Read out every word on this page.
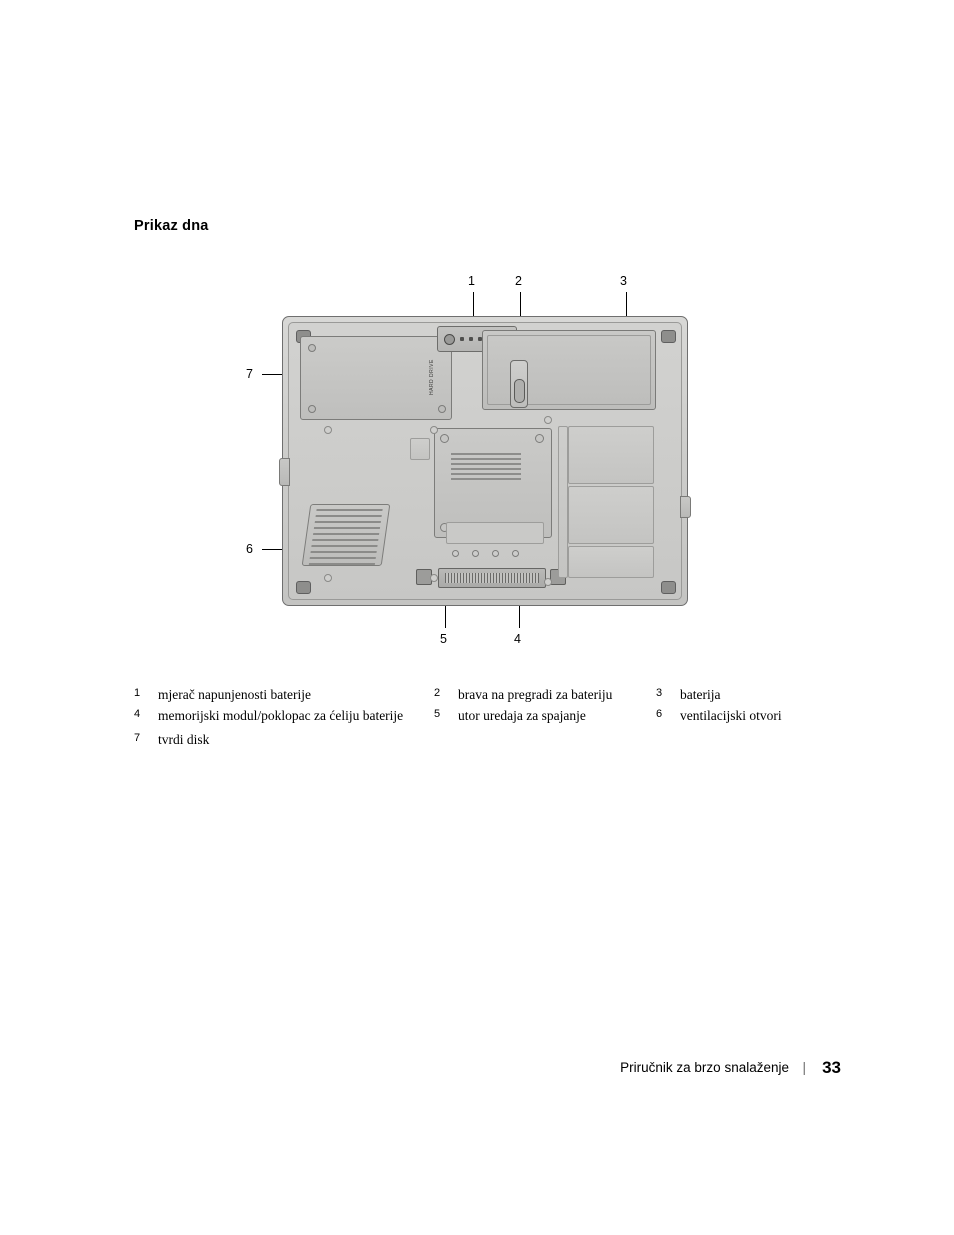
Prikaz dna
1	2	3
7
6
5	4
HARD DRIVE
1	mjerač napunjenosti baterije	2	brava na pregradi za bateriju	3	baterija
4	memorijski modul/poklopac za ćeliju baterije	5	utor uredaja za spajanje	6	ventilacijski otvori
7	tvrdi disk
Priručnik za brzo snalaženje | 33
